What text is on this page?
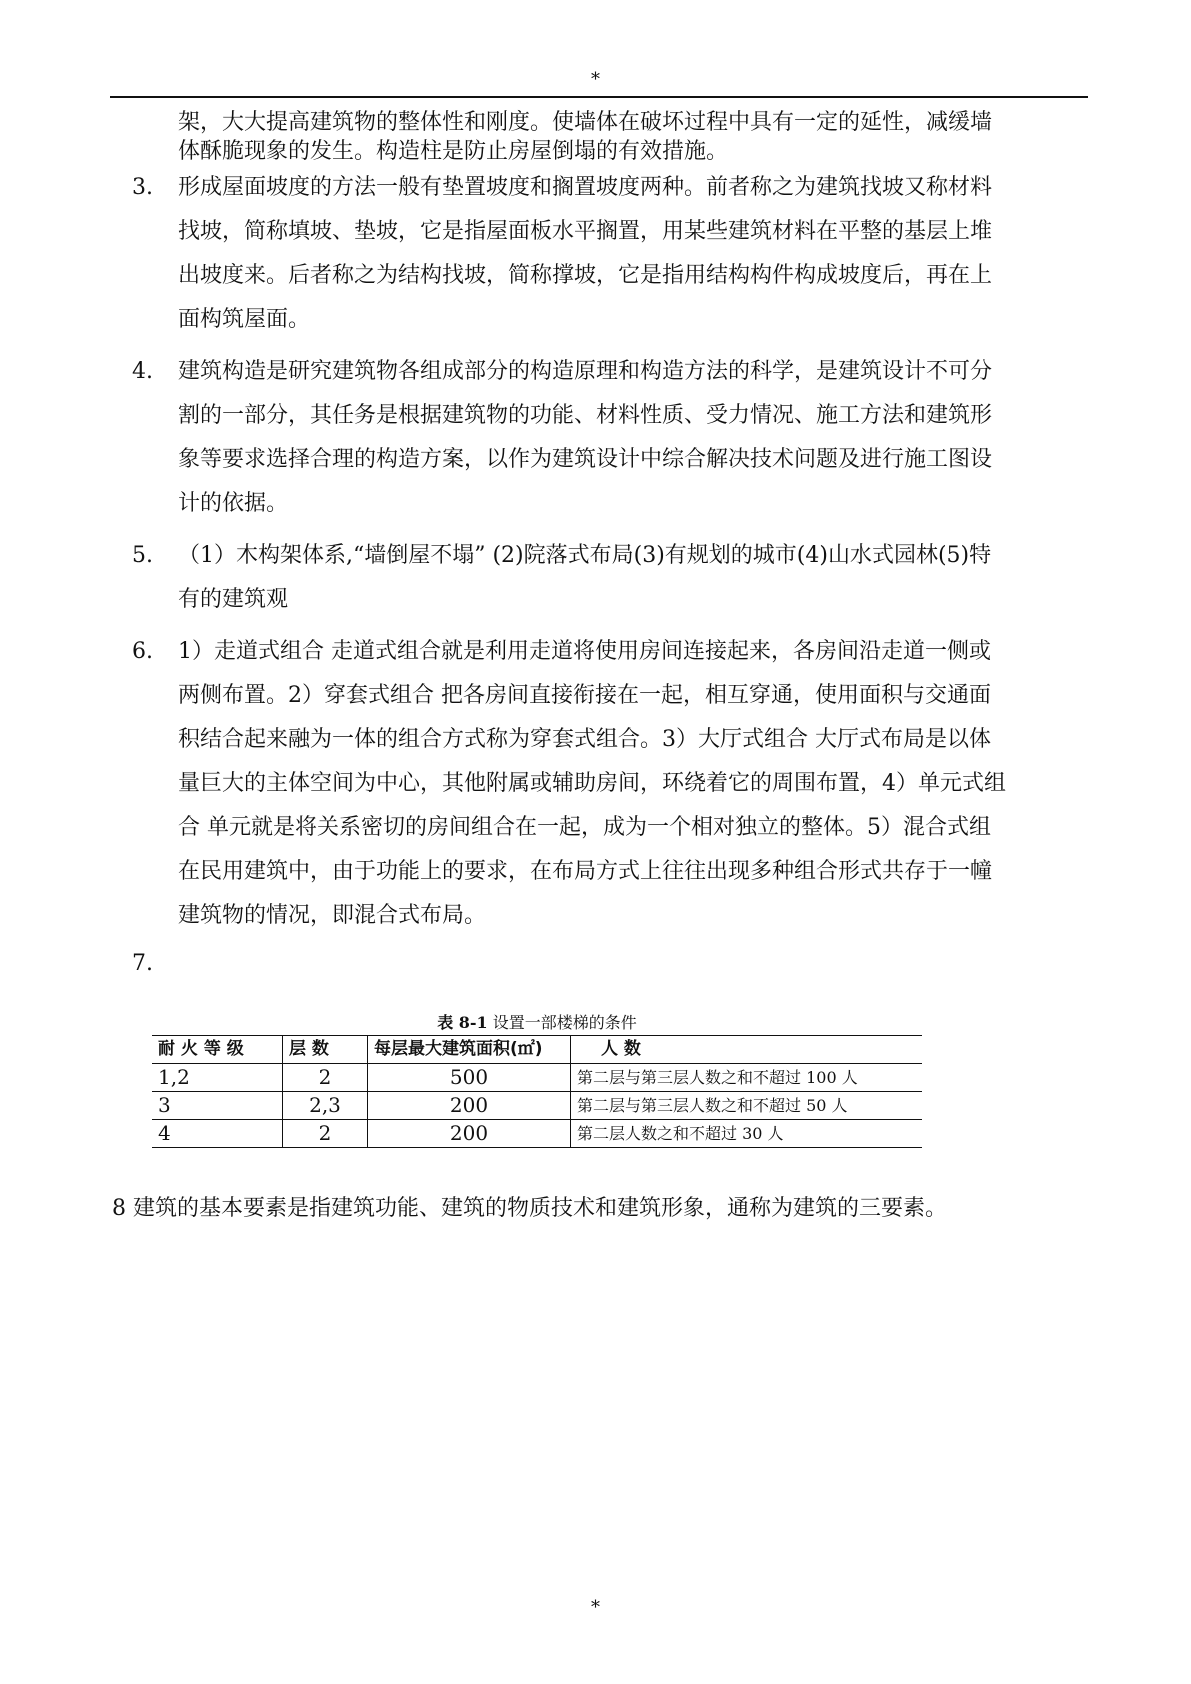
*
架，大大提高建筑物的整体性和刚度。使墙体在破坏过程中具有一定的延性，减缓墙
体酥脆现象的发生。构造柱是防止房屋倒塌的有效措施。
3. 形成屋面坡度的方法一般有垫置坡度和搁置坡度两种。前者称之为建筑找坡又称材料
找坡，简称填坡、垫坡，它是指屋面板水平搁置，用某些建筑材料在平整的基层上堆
出坡度来。后者称之为结构找坡，简称撑坡，它是指用结构构件构成坡度后，再在上
面构筑屋面。
4. 建筑构造是研究建筑物各组成部分的构造原理和构造方法的科学，是建筑设计不可分
割的一部分，其任务是根据建筑物的功能、材料性质、受力情况、施工方法和建筑形
象等要求选择合理的构造方案，以作为建筑设计中综合解决技术问题及进行施工图设
计的依据。
5. （1）木构架体系,“墙倒屋不塌” (2)院落式布局(3)有规划的城市(4)山水式园林(5)特
有的建筑观
6. 1）走道式组合 走道式组合就是利用走道将使用房间连接起来，各房间沿走道一侧或
两侧布置。2）穿套式组合 把各房间直接衔接在一起，相互穿通，使用面积与交通面
积结合起来融为一体的组合方式称为穿套式组合。3）大厅式组合 大厅式布局是以体
量巨大的主体空间为中心，其他附属或辅助房间，环绕着它的周围布置，4）单元式组
合 单元就是将关系密切的房间组合在一起，成为一个相对独立的整体。5）混合式组
在民用建筑中，由于功能上的要求，在布局方式上往往出现多种组合形式共存于一幢
建筑物的情况，即混合式布局。
7.
表 8-1 设置一部楼梯的条件
耐 火 等 级	层 数	每层最大建筑面积(㎡)	人 数
1,2	2	500	第二层与第三层人数之和不超过 100 人
3	2,3	200	第二层与第三层人数之和不超过 50 人
4	2	200	第二层人数之和不超过 30 人
8 建筑的基本要素是指建筑功能、建筑的物质技术和建筑形象，通称为建筑的三要素。
*
